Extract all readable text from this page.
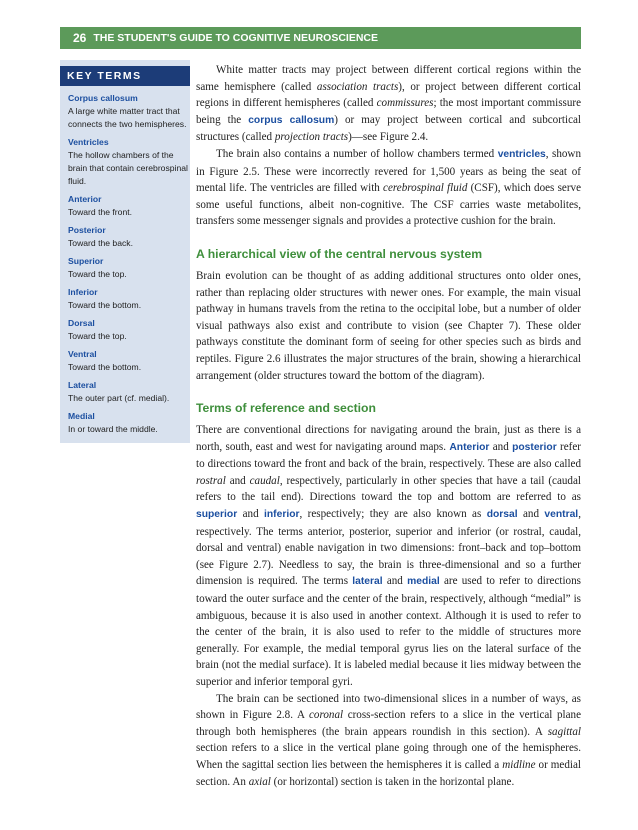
26 THE STUDENT'S GUIDE TO COGNITIVE NEUROSCIENCE
KEY TERMS
Corpus callosum
A large white matter tract that connects the two hemispheres.
Ventricles
The hollow chambers of the brain that contain cerebrospinal fluid.
Anterior
Toward the front.
Posterior
Toward the back.
Superior
Toward the top.
Inferior
Toward the bottom.
Dorsal
Toward the top.
Ventral
Toward the bottom.
Lateral
The outer part (cf. medial).
Medial
In or toward the middle.

White matter tracts may project between different cortical regions within the same hemisphere (called association tracts), or project between different cortical regions in different hemispheres (called commissures; the most important commissure being the corpus callosum) or may project between cortical and subcortical structures (called projection tracts)—see Figure 2.4.

The brain also contains a number of hollow chambers termed ventricles, shown in Figure 2.5. These were incorrectly revered for 1,500 years as being the seat of mental life. The ventricles are filled with cerebrospinal fluid (CSF), which does serve some useful functions, albeit non-cognitive. The CSF carries waste metabolites, transfers some messenger signals and provides a protective cushion for the brain.

A hierarchical view of the central nervous system

Brain evolution can be thought of as adding additional structures onto older ones, rather than replacing older structures with newer ones. For example, the main visual pathway in humans travels from the retina to the occipital lobe, but a number of older visual pathways also exist and contribute to vision (see Chapter 7). These older pathways constitute the dominant form of seeing for other species such as birds and reptiles. Figure 2.6 illustrates the major structures of the brain, showing a hierarchical arrangement (older structures toward the bottom of the diagram).

Terms of reference and section

There are conventional directions for navigating around the brain, just as there is a north, south, east and west for navigating around maps. Anterior and posterior refer to directions toward the front and back of the brain, respectively. These are also called rostral and caudal, respectively, particularly in other species that have a tail (caudal refers to the tail end). Directions toward the top and bottom are referred to as superior and inferior, respectively; they are also known as dorsal and ventral, respectively. The terms anterior, posterior, superior and inferior (or rostral, caudal, dorsal and ventral) enable navigation in two dimensions: front–back and top–bottom (see Figure 2.7). Needless to say, the brain is three-dimensional and so a further dimension is required. The terms lateral and medial are used to refer to directions toward the outer surface and the center of the brain, respectively, although “medial” is ambiguous, because it is also used in another context. Although it is used to refer to the center of the brain, it is also used to refer to the middle of structures more generally. For example, the medial temporal gyrus lies on the lateral surface of the brain (not the medial surface). It is labeled medial because it lies midway between the superior and inferior temporal gyri.

The brain can be sectioned into two-dimensional slices in a number of ways, as shown in Figure 2.8. A coronal cross-section refers to a slice in the vertical plane through both hemispheres (the brain appears roundish in this section). A sagittal section refers to a slice in the vertical plane going through one of the hemispheres. When the sagittal section lies between the hemispheres it is called a midline or medial section. An axial (or horizontal) section is taken in the horizontal plane.
